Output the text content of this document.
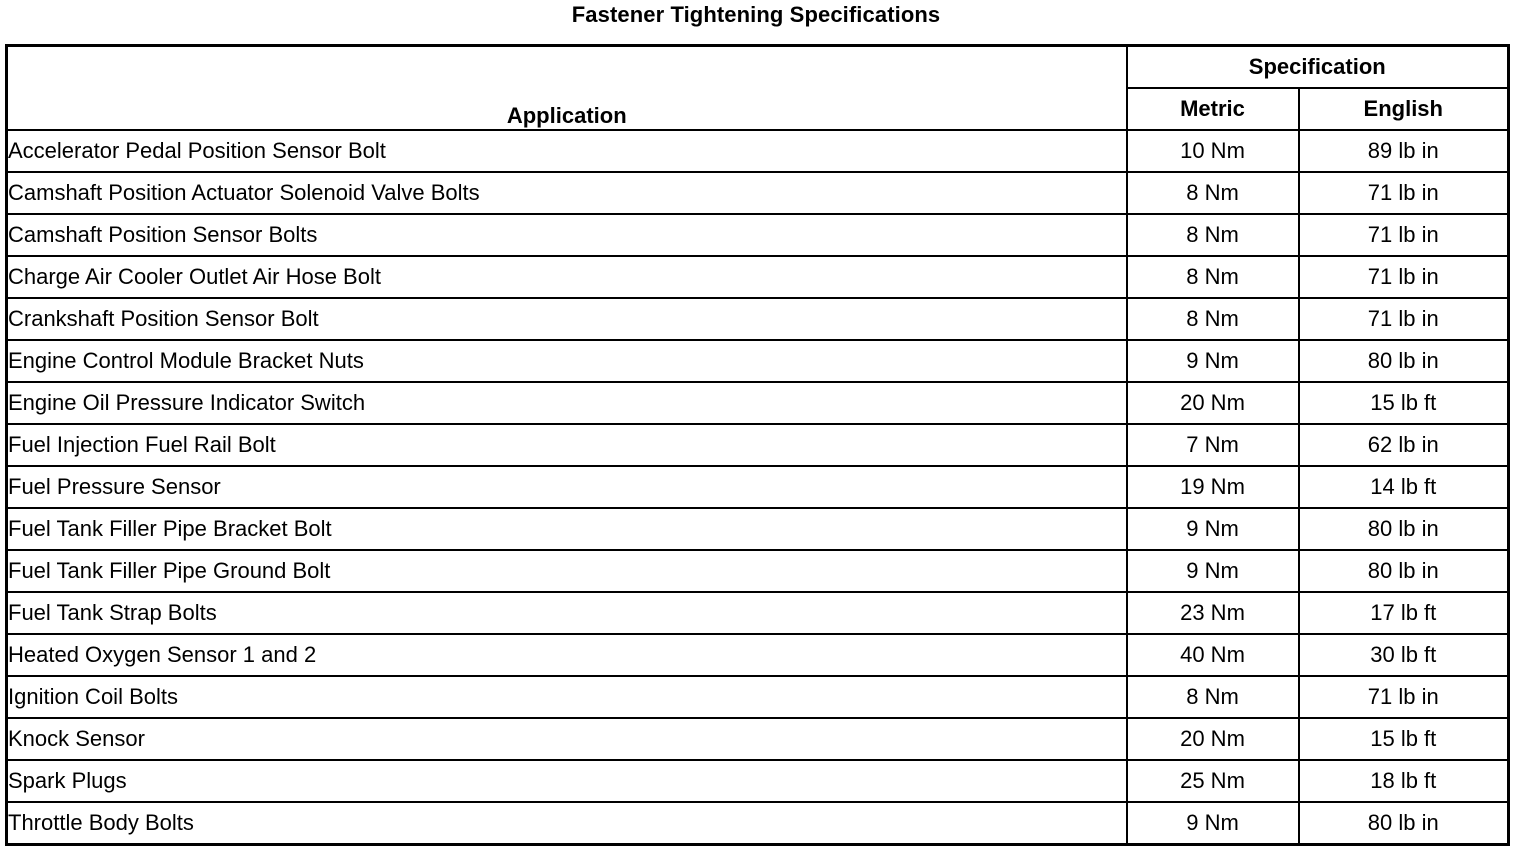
Fastener Tightening Specifications
Application	Specification	
	Metric	English
Accelerator Pedal Position Sensor Bolt	10 Nm	89 lb in
Camshaft Position Actuator Solenoid Valve Bolts	8 Nm	71 lb in
Camshaft Position Sensor Bolts	8 Nm	71 lb in
Charge Air Cooler Outlet Air Hose Bolt	8 Nm	71 lb in
Crankshaft Position Sensor Bolt	8 Nm	71 lb in
Engine Control Module Bracket Nuts	9 Nm	80 lb in
Engine Oil Pressure Indicator Switch	20 Nm	15 lb ft
Fuel Injection Fuel Rail Bolt	7 Nm	62 lb in
Fuel Pressure Sensor	19 Nm	14 lb ft
Fuel Tank Filler Pipe Bracket Bolt	9 Nm	80 lb in
Fuel Tank Filler Pipe Ground Bolt	9 Nm	80 lb in
Fuel Tank Strap Bolts	23 Nm	17 lb ft
Heated Oxygen Sensor 1 and 2	40 Nm	30 lb ft
Ignition Coil Bolts	8 Nm	71 lb in
Knock Sensor	20 Nm	15 lb ft
Spark Plugs	25 Nm	18 lb ft
Throttle Body Bolts	9 Nm	80 lb in
